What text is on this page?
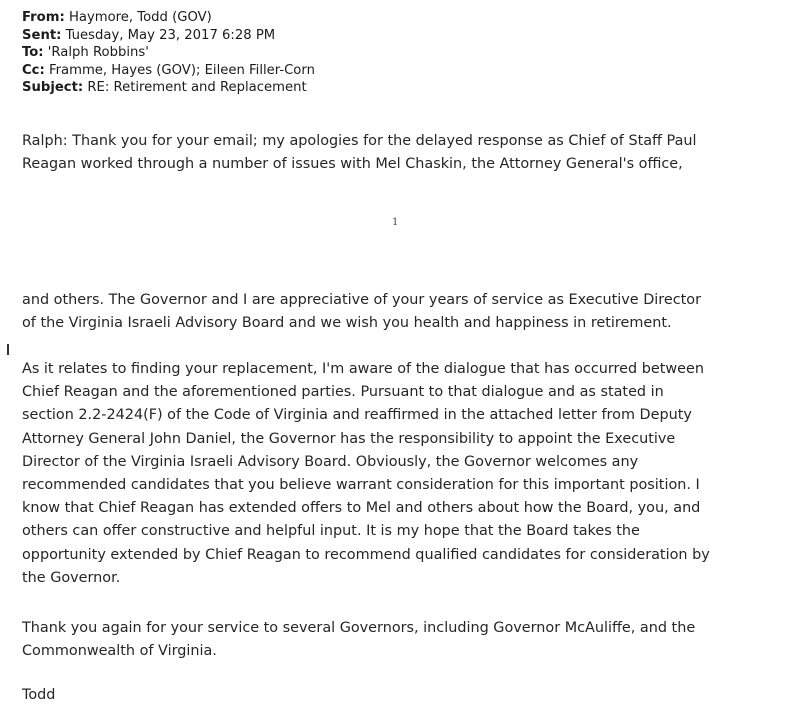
From: Haymore, Todd (GOV)
Sent: Tuesday, May 23, 2017 6:28 PM
To: 'Ralph Robbins'
Cc: Framme, Hayes (GOV); Eileen Filler-Corn
Subject: RE: Retirement and Replacement
Ralph: Thank you for your email; my apologies for the delayed response as Chief of Staff Paul
Reagan worked through a number of issues with Mel Chaskin, the Attorney General's office,
1
and others. The Governor and I are appreciative of your years of service as Executive Director
of the Virginia Israeli Advisory Board and we wish you health and happiness in retirement.
As it relates to finding your replacement, I'm aware of the dialogue that has occurred between
Chief Reagan and the aforementioned parties. Pursuant to that dialogue and as stated in
section 2.2-2424(F) of the Code of Virginia and reaffirmed in the attached letter from Deputy
Attorney General John Daniel, the Governor has the responsibility to appoint the Executive
Director of the Virginia Israeli Advisory Board. Obviously, the Governor welcomes any
recommended candidates that you believe warrant consideration for this important position. I
know that Chief Reagan has extended offers to Mel and others about how the Board, you, and
others can offer constructive and helpful input. It is my hope that the Board takes the
opportunity extended by Chief Reagan to recommend qualified candidates for consideration by
the Governor.
Thank you again for your service to several Governors, including Governor McAuliffe, and the
Commonwealth of Virginia.
Todd
